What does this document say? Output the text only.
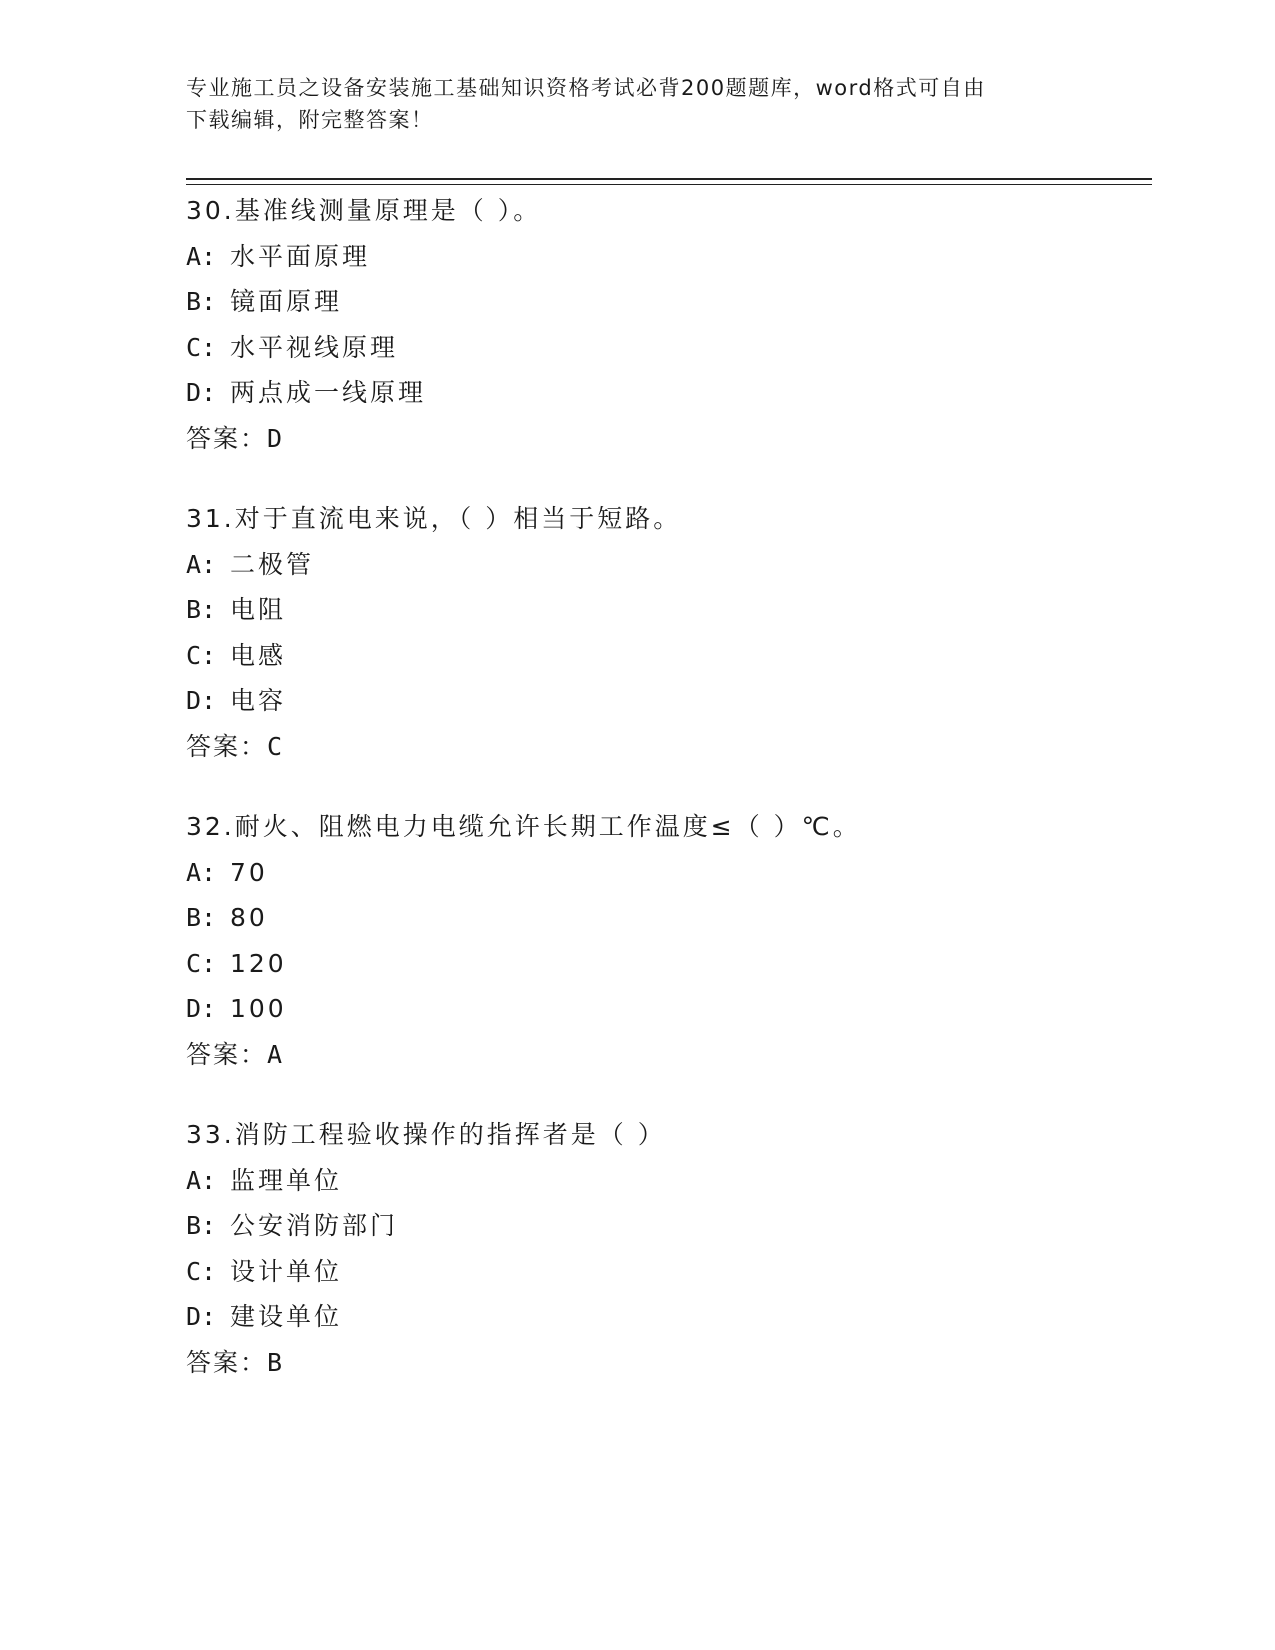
专业施工员之设备安装施工基础知识资格考试必背200题题库，word格式可自由
下载编辑，附完整答案！
30.基准线测量原理是（ ）。
A: 水平面原理
B: 镜面原理
C: 水平视线原理
D: 两点成一线原理
答案：D
31.对于直流电来说，（ ）相当于短路。
A: 二极管
B: 电阻
C: 电感
D: 电容
答案：C
32.耐火、阻燃电力电缆允许长期工作温度≤（ ）℃。
A: 70
B: 80
C: 120
D: 100
答案：A
33.消防工程验收操作的指挥者是（ ）
A: 监理单位
B: 公安消防部门
C: 设计单位
D: 建设单位
答案：B
